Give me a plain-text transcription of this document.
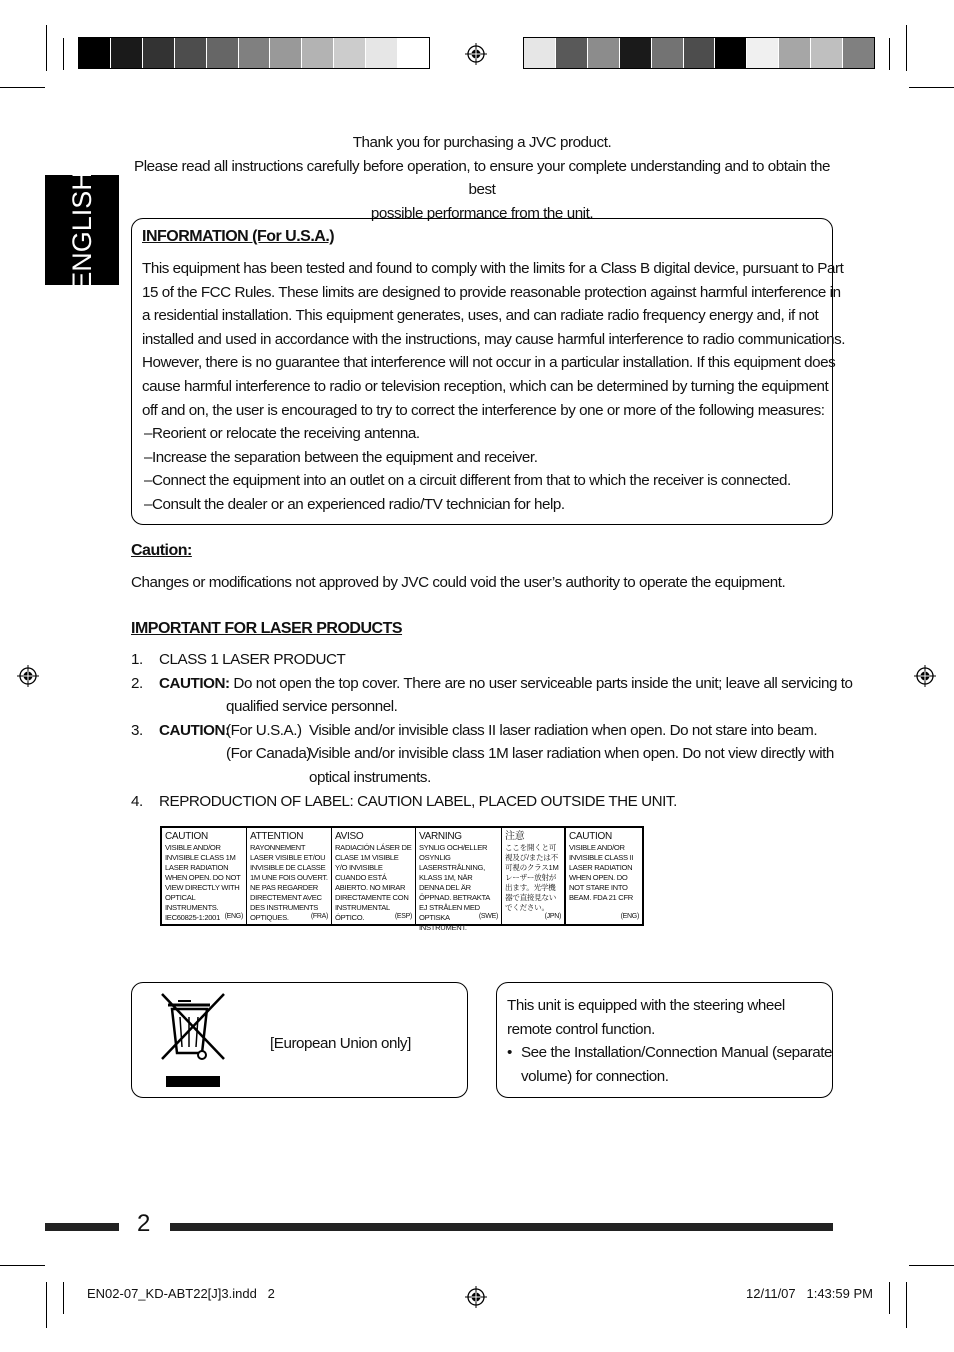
ENGLISH
Thank you for purchasing a JVC product.
Please read all instructions carefully before operation, to ensure your complete understanding and to obtain the best
possible performance from the unit.
INFORMATION (For U.S.A.)
This equipment has been tested and found to comply with the limits for a Class B digital device, pursuant to Part
15 of the FCC Rules. These limits are designed to provide reasonable protection against harmful interference in
a residential installation. This equipment generates, uses, and can radiate radio frequency energy and, if not
installed and used in accordance with the instructions, may cause harmful interference to radio communications.
However, there is no guarantee that interference will not occur in a particular installation. If this equipment does
cause harmful interference to radio or television reception, which can be determined by turning the equipment
off and on, the user is encouraged to try to correct the interference by one or more of the following measures:
–Reorient or relocate the receiving antenna.
–Increase the separation between the equipment and receiver.
–Connect the equipment into an outlet on a circuit different from that to which the receiver is connected.
–Consult the dealer or an experienced radio/TV technician for help.
Caution:
Changes or modifications not approved by JVC could void the user’s authority to operate the equipment.
IMPORTANT FOR LASER PRODUCTS
1. CLASS 1 LASER PRODUCT
2. CAUTION: Do not open the top cover. There are no user serviceable parts inside the unit; leave all servicing to
qualified service personnel.
3. CAUTION:
(For U.S.A.) Visible and/or invisible class II laser radiation when open. Do not stare into beam.
(For Canada)
Visible and/or invisible class 1M laser radiation when open. Do not view directly with
optical instruments.
4. REPRODUCTION OF LABEL: CAUTION LABEL, PLACED OUTSIDE THE UNIT.
CAUTION
VISIBLE AND/OR INVISIBLE CLASS 1M LASER RADIATION WHEN OPEN. DO NOT VIEW DIRECTLY WITH OPTICAL INSTRUMENTS. IEC60825-1:2001 (ENG)
ATTENTION
RAYONNEMENT LASER VISIBLE ET/OU INVISIBLE DE CLASSE 1M UNE FOIS OUVERT. NE PAS REGARDER DIRECTEMENT AVEC DES INSTRUMENTS OPTIQUES.	(FRA)
AVISO
RADIACIÓN LÁSER DE CLASE 1M VISIBLE Y/O INVISIBLE CUANDO ESTÁ ABIERTO. NO MIRAR DIRECTAMENTE CON INSTRUMENTAL ÓPTICO.	(ESP)
VARNING
SYNLIG OCH/ELLER OSYNLIG LASERSTRÅLNING, KLASS 1M, NÄR DENNA DEL ÄR ÖPPNAD. BETRAKTA EJ STRÅLEN MED OPTISKA INSTRUMENT.
(SWE)
注意
ここを開くと可視及び/または不可視のクラス1Mレーザー放射が出ます。光学機器で直接見ないでください。
(JPN)
CAUTION
VISIBLE AND/OR INVISIBLE CLASS II LASER RADIATION WHEN OPEN. DO NOT STARE INTO BEAM. FDA 21 CFR
(ENG)
[European Union only]
This unit is equipped with the steering wheel
remote control function.
• See the Installation/Connection Manual (separate
volume) for connection.
2
EN02-07_KD-ABT22[J]3.indd   2	12/11/07   1:43:59 PM
